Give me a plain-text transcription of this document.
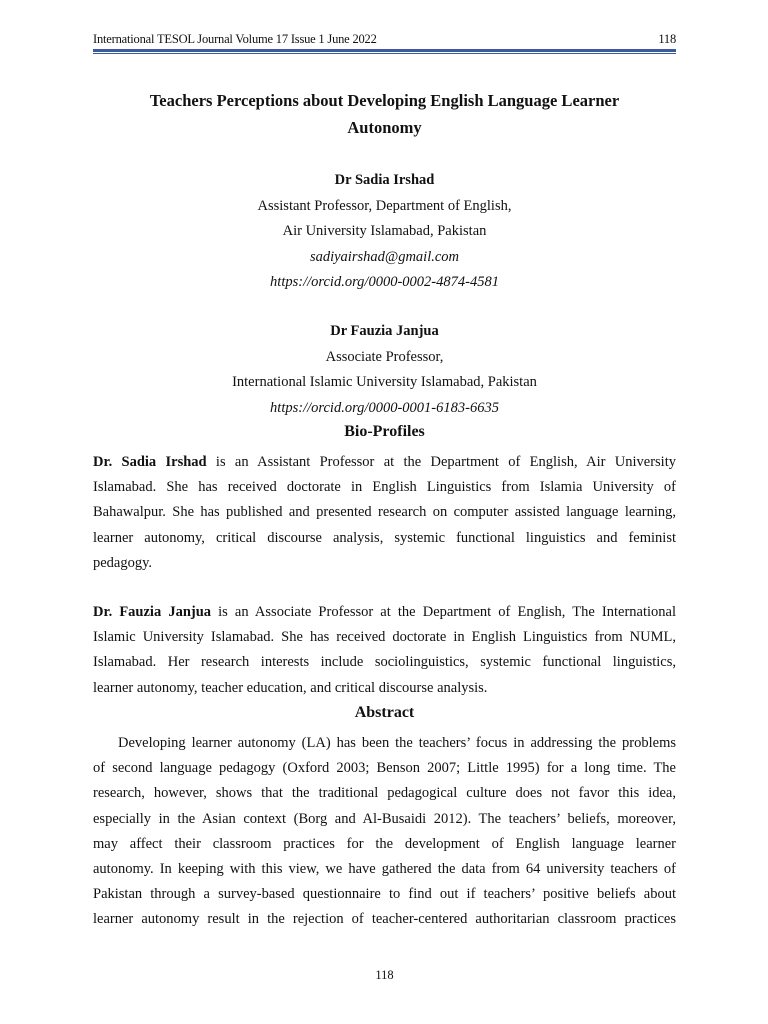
International TESOL Journal Volume 17 Issue 1 June 2022	118
Teachers Perceptions about Developing English Language Learner
Autonomy
Dr Sadia Irshad
Assistant Professor, Department of English,
Air University Islamabad, Pakistan
sadiyairshad@gmail.com
https://orcid.org/0000-0002-4874-4581
Dr Fauzia Janjua
Associate Professor,
International Islamic University Islamabad, Pakistan
https://orcid.org/0000-0001-6183-6635
Bio-Profiles
Dr. Sadia Irshad is an Assistant Professor at the Department of English, Air University
Islamabad. She has received doctorate in English Linguistics from Islamia University of
Bahawalpur. She has published and presented research on computer assisted language learning,
learner autonomy, critical discourse analysis, systemic functional linguistics and feminist
pedagogy.
Dr. Fauzia Janjua is an Associate Professor at the Department of English, The International
Islamic University Islamabad. She has received doctorate in English Linguistics from NUML,
Islamabad. Her research interests include sociolinguistics, systemic functional linguistics,
learner autonomy, teacher education, and critical discourse analysis.
Abstract
Developing learner autonomy (LA) has been the teachers’ focus in addressing the problems
of second language pedagogy (Oxford 2003; Benson 2007; Little 1995) for a long time. The
research, however, shows that the traditional pedagogical culture does not favor this idea,
especially in the Asian context (Borg and Al-Busaidi 2012). The teachers’ beliefs, moreover,
may affect their classroom practices for the development of English language learner
autonomy. In keeping with this view, we have gathered the data from 64 university teachers of
Pakistan through a survey-based questionnaire to find out if teachers’ positive beliefs about
learner autonomy result in the rejection of teacher-centered authoritarian classroom practices
118
